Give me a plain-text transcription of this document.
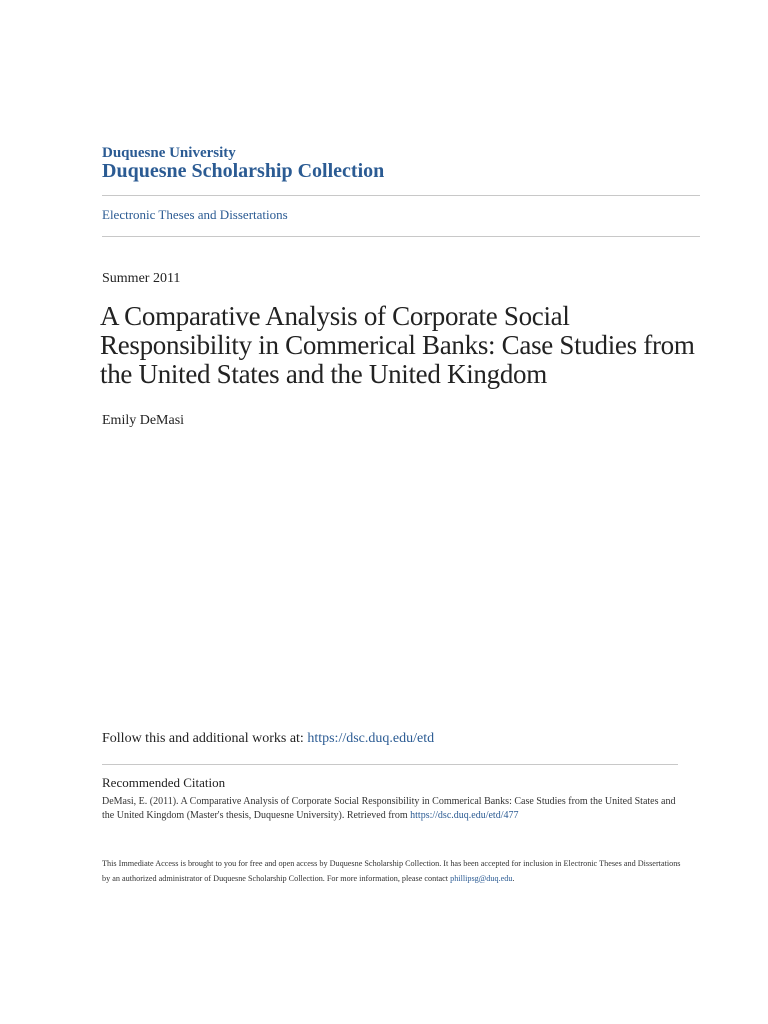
Duquesne University
Duquesne Scholarship Collection
Electronic Theses and Dissertations
Summer 2011
A Comparative Analysis of Corporate Social Responsibility in Commerical Banks: Case Studies from the United States and the United Kingdom
Emily DeMasi
Follow this and additional works at: https://dsc.duq.edu/etd
Recommended Citation
DeMasi, E. (2011). A Comparative Analysis of Corporate Social Responsibility in Commerical Banks: Case Studies from the United States and the United Kingdom (Master's thesis, Duquesne University). Retrieved from https://dsc.duq.edu/etd/477
This Immediate Access is brought to you for free and open access by Duquesne Scholarship Collection. It has been accepted for inclusion in Electronic Theses and Dissertations by an authorized administrator of Duquesne Scholarship Collection. For more information, please contact phillipsg@duq.edu.
